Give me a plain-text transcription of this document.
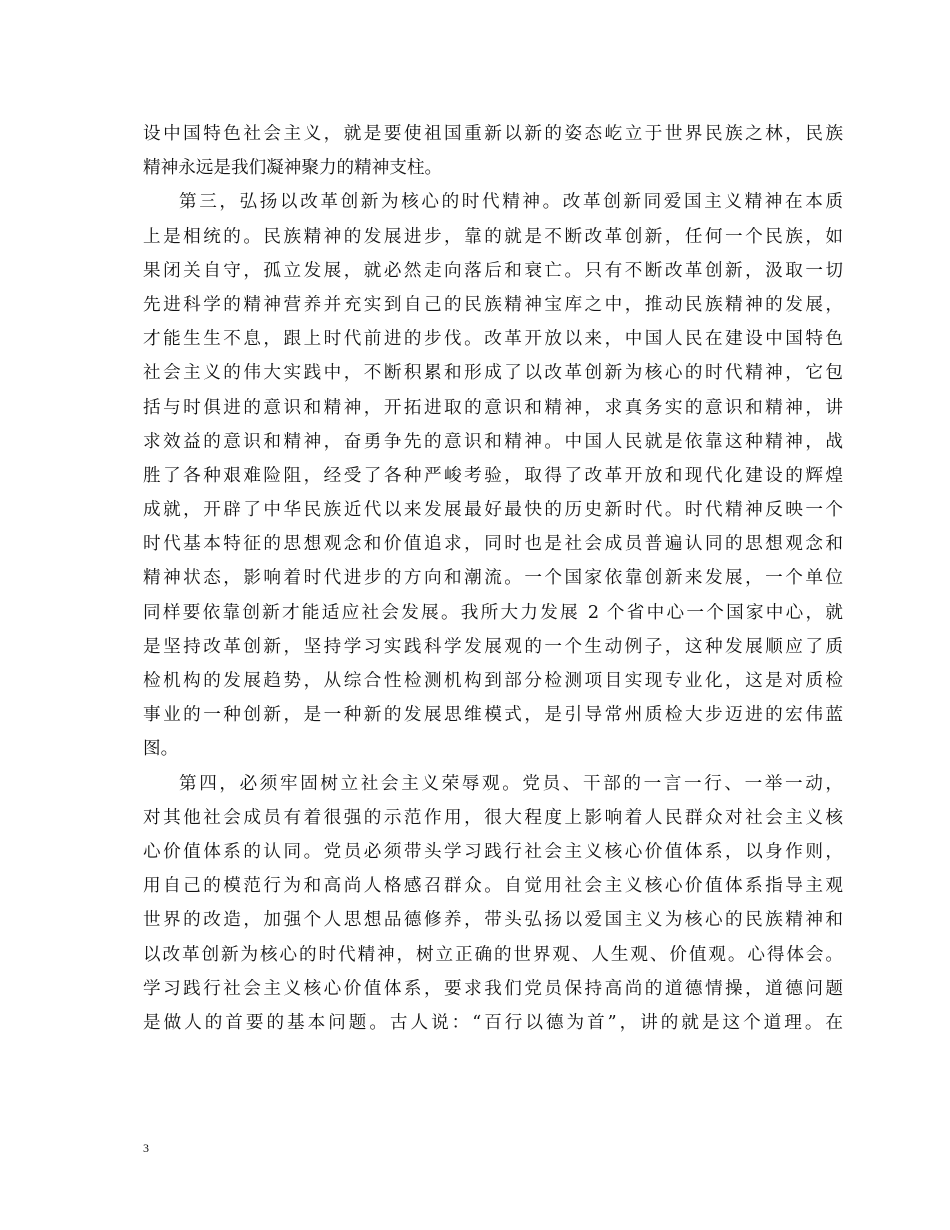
设中国特色社会主义，就是要使祖国重新以新的姿态屹立于世界民族之林，民族
精神永远是我们凝神聚力的精神支柱。
第三，弘扬以改革创新为核心的时代精神。改革创新同爱国主义精神在本质
上是相统的。民族精神的发展进步，靠的就是不断改革创新，任何一个民族，如
果闭关自守，孤立发展，就必然走向落后和衰亡。只有不断改革创新，汲取一切
先进科学的精神营养并充实到自己的民族精神宝库之中，推动民族精神的发展，
才能生生不息，跟上时代前进的步伐。改革开放以来，中国人民在建设中国特色
社会主义的伟大实践中，不断积累和形成了以改革创新为核心的时代精神，它包
括与时俱进的意识和精神，开拓进取的意识和精神，求真务实的意识和精神，讲
求效益的意识和精神，奋勇争先的意识和精神。中国人民就是依靠这种精神，战
胜了各种艰难险阻，经受了各种严峻考验，取得了改革开放和现代化建设的辉煌
成就，开辟了中华民族近代以来发展最好最快的历史新时代。时代精神反映一个
时代基本特征的思想观念和价值追求，同时也是社会成员普遍认同的思想观念和
精神状态，影响着时代进步的方向和潮流。一个国家依靠创新来发展，一个单位
同样要依靠创新才能适应社会发展。我所大力发展 2 个省中心一个国家中心，就
是坚持改革创新，坚持学习实践科学发展观的一个生动例子，这种发展顺应了质
检机构的发展趋势，从综合性检测机构到部分检测项目实现专业化，这是对质检
事业的一种创新，是一种新的发展思维模式，是引导常州质检大步迈进的宏伟蓝
图。
第四，必须牢固树立社会主义荣辱观。党员、干部的一言一行、一举一动，
对其他社会成员有着很强的示范作用，很大程度上影响着人民群众对社会主义核
心价值体系的认同。党员必须带头学习践行社会主义核心价值体系，以身作则，
用自己的模范行为和高尚人格感召群众。自觉用社会主义核心价值体系指导主观
世界的改造，加强个人思想品德修养，带头弘扬以爱国主义为核心的民族精神和
以改革创新为核心的时代精神，树立正确的世界观、人生观、价值观。心得体会。
学习践行社会主义核心价值体系，要求我们党员保持高尚的道德情操，道德问题
是做人的首要的基本问题。古人说：“百行以德为首”，讲的就是这个道理。在
3
